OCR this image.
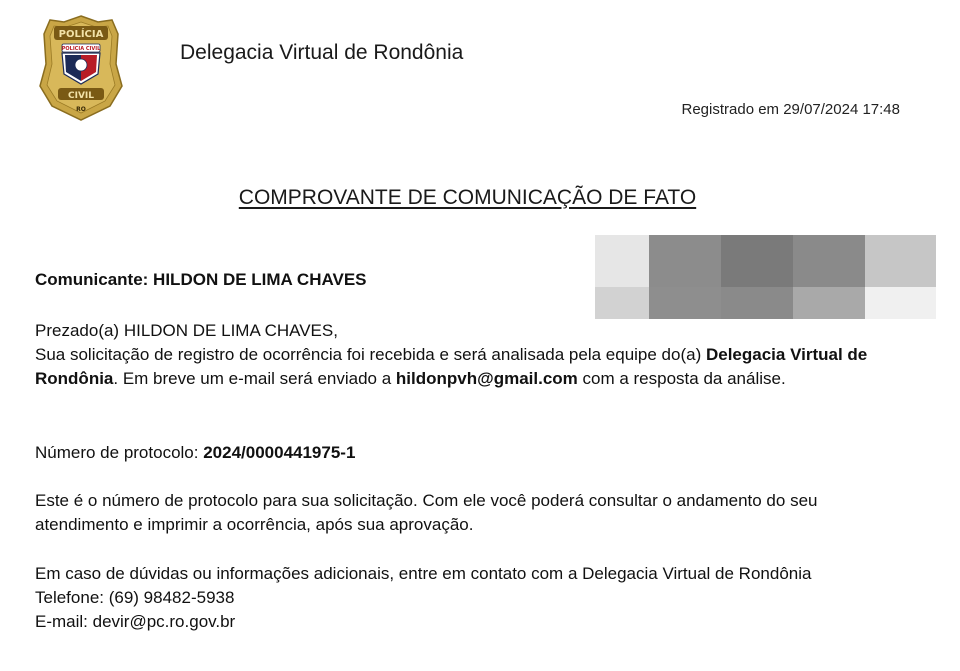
POLÍCIA
POLICIA CIVIL
CIVIL
RO
Delegacia Virtual de Rondônia
Registrado em 29/07/2024 17:48
COMPROVANTE DE COMUNICAÇÃO DE FATO
Comunicante: HILDON DE LIMA CHAVES
Prezado(a) HILDON DE LIMA CHAVES,
Sua solicitação de registro de ocorrência foi recebida e será analisada pela equipe do(a) Delegacia Virtual de Rondônia. Em breve um e-mail será enviado a hildonpvh@gmail.com com a resposta da análise.
Número de protocolo: 2024/0000441975-1
Este é o número de protocolo para sua solicitação. Com ele você poderá consultar o andamento do seu atendimento e imprimir a ocorrência, após sua aprovação.
Em caso de dúvidas ou informações adicionais, entre em contato com a Delegacia Virtual de Rondônia
Telefone: (69) 98482-5938
E-mail: devir@pc.ro.gov.br
